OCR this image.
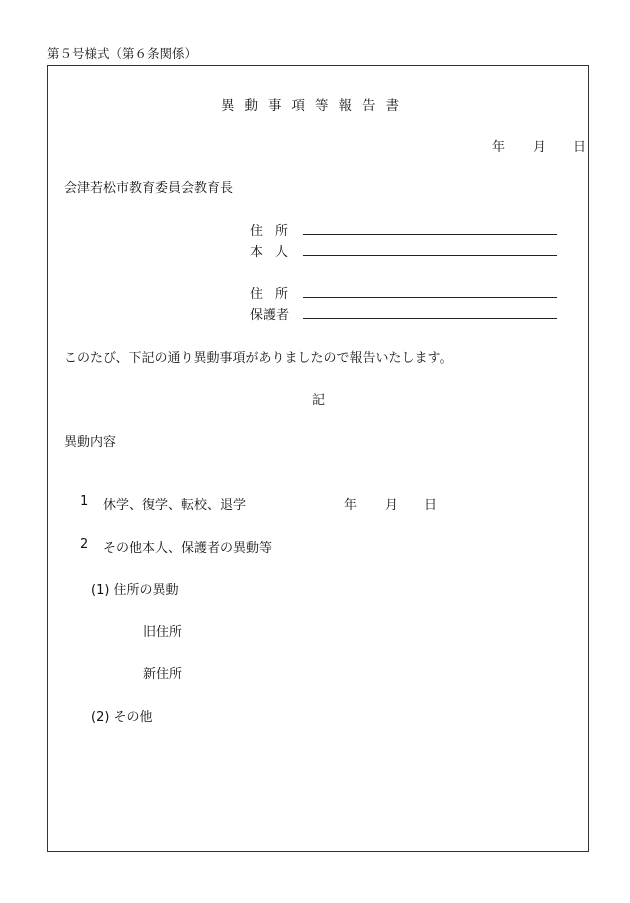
第５号様式（第６条関係）
異動事項等報告書
年 月 日
会津若松市教育委員会教育長
住所
本人
住所
保護者
このたび、下記の通り異動事項がありましたので報告いたします。
記
異動内容
1 休学、復学、転校、退学	年 月 日
2 その他本人、保護者の異動等
(1) 住所の異動
旧住所
新住所
(2) その他
